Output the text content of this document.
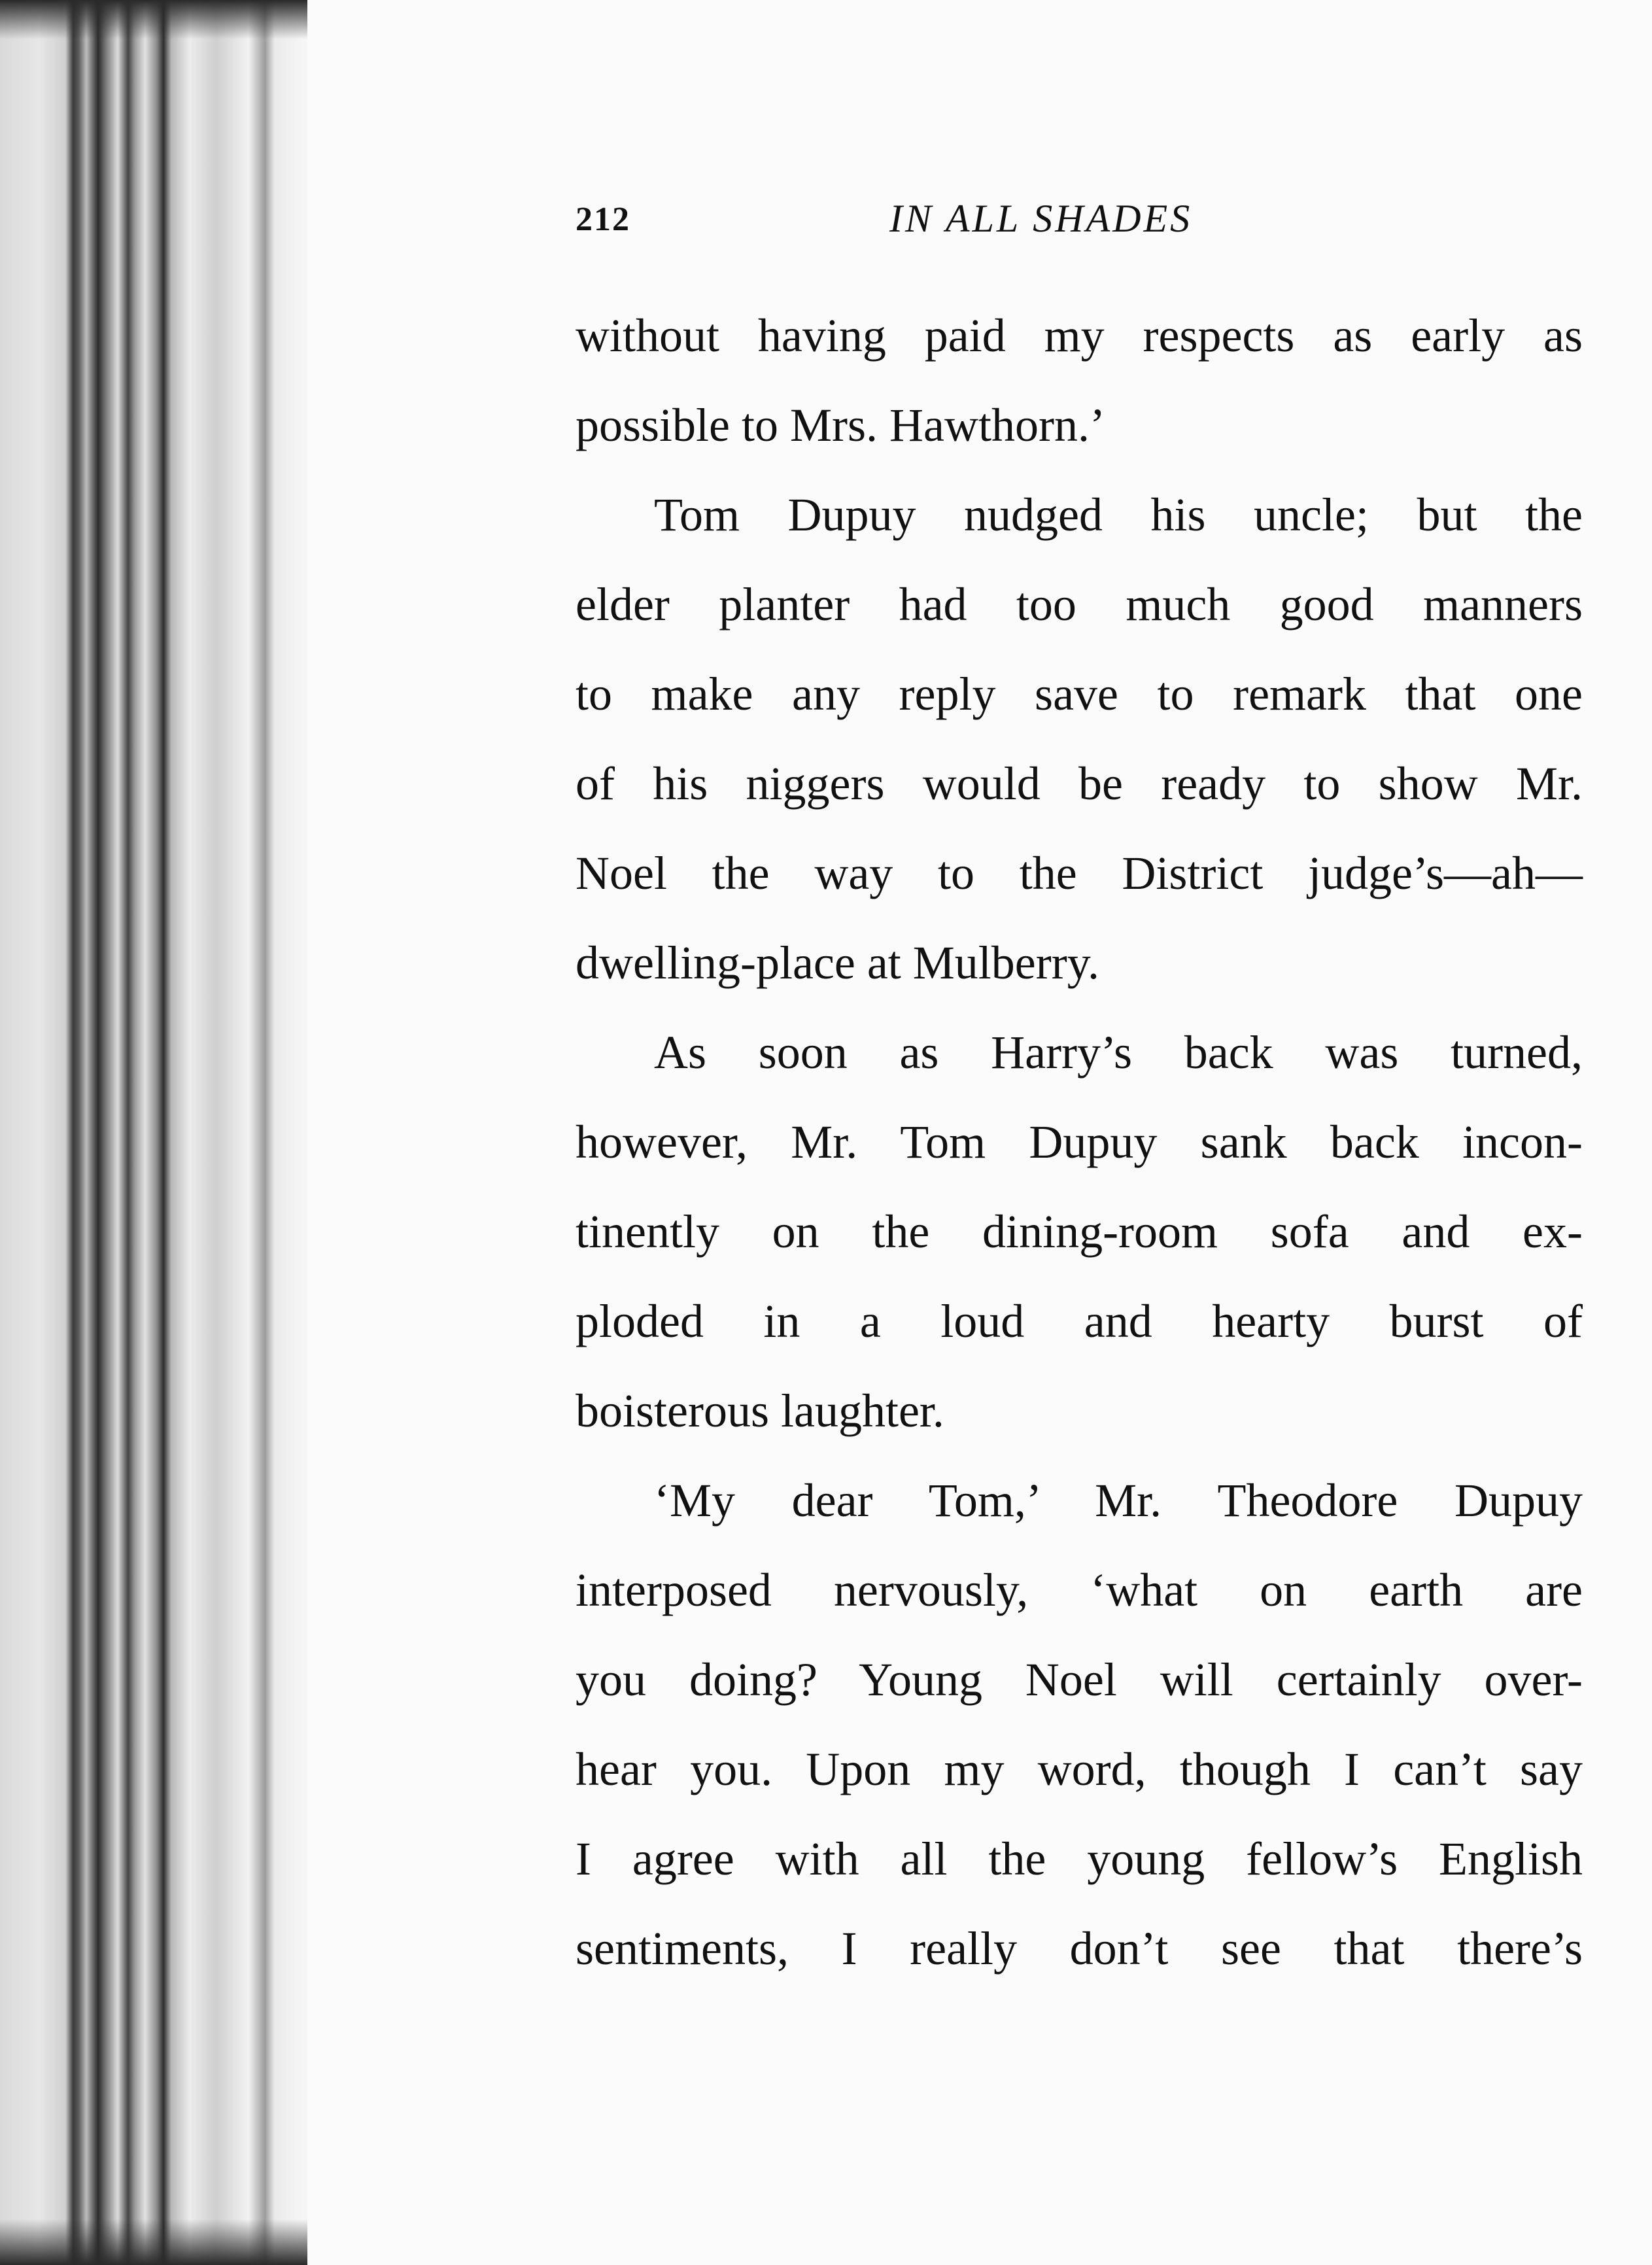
212	IN ALL SHADES
without having paid my respects as early as
possible to Mrs. Hawthorn.’
Tom Dupuy nudged his uncle; but the
elder planter had too much good manners
to make any reply save to remark that one
of his niggers would be ready to show Mr.
Noel the way to the District judge’s—ah—
dwelling-place at Mulberry.
As soon as Harry’s back was turned,
however, Mr. Tom Dupuy sank back incon-
tinently on the dining-room sofa and ex-
ploded in a loud and hearty burst of
boisterous laughter.
‘My dear Tom,’ Mr. Theodore Dupuy
interposed nervously, ‘what on earth are
you doing? Young Noel will certainly over-
hear you. Upon my word, though I can’t say
I agree with all the young fellow’s English
sentiments, I really don’t see that there’s
